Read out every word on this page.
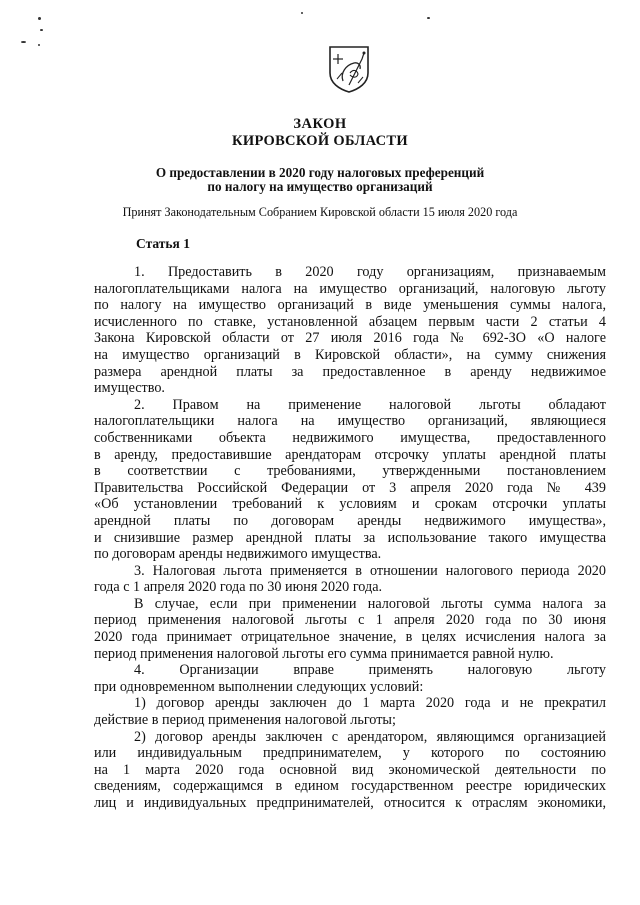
ЗАКОН
КИРОВСКОЙ ОБЛАСТИ
О предоставлении в 2020 году налоговых преференций
по налогу на имущество организаций
Принят Законодательным Собранием Кировской области 15 июля 2020 года
Статья 1
1. Предоставить в 2020 году организациям, признаваемым
налогоплательщиками налога на имущество организаций, налоговую льготу
по налогу на имущество организаций в виде уменьшения суммы налога,
исчисленного по ставке, установленной абзацем первым части 2 статьи 4
Закона Кировской области от 27 июля 2016 года № 692-ЗО «О налоге
на имущество организаций в Кировской области», на сумму снижения
размера арендной платы за предоставленное в аренду недвижимое
имущество.
2. Правом на применение налоговой льготы обладают
налогоплательщики налога на имущество организаций, являющиеся
собственниками объекта недвижимого имущества, предоставленного
в аренду, предоставившие арендаторам отсрочку уплаты арендной платы
в соответствии с требованиями, утвержденными постановлением
Правительства Российской Федерации от 3 апреля 2020 года № 439
«Об установлении требований к условиям и срокам отсрочки уплаты
арендной платы по договорам аренды недвижимого имущества»,
и снизившие размер арендной платы за использование такого имущества
по договорам аренды недвижимого имущества.
3. Налоговая льгота применяется в отношении налогового периода 2020
года с 1 апреля 2020 года по 30 июня 2020 года.
В случае, если при применении налоговой льготы сумма налога за
период применения налоговой льготы с 1 апреля 2020 года по 30 июня
2020 года принимает отрицательное значение, в целях исчисления налога за
период применения налоговой льготы его сумма принимается равной нулю.
4. Организации вправе применять налоговую льготу
при одновременном выполнении следующих условий:
1) договор аренды заключен до 1 марта 2020 года и не прекратил
действие в период применения налоговой льготы;
2) договор аренды заключен с арендатором, являющимся организацией
или индивидуальным предпринимателем, у которого по состоянию
на 1 марта 2020 года основной вид экономической деятельности по
сведениям, содержащимся в едином государственном реестре юридических
лиц и индивидуальных предпринимателей, относится к отраслям экономики,
